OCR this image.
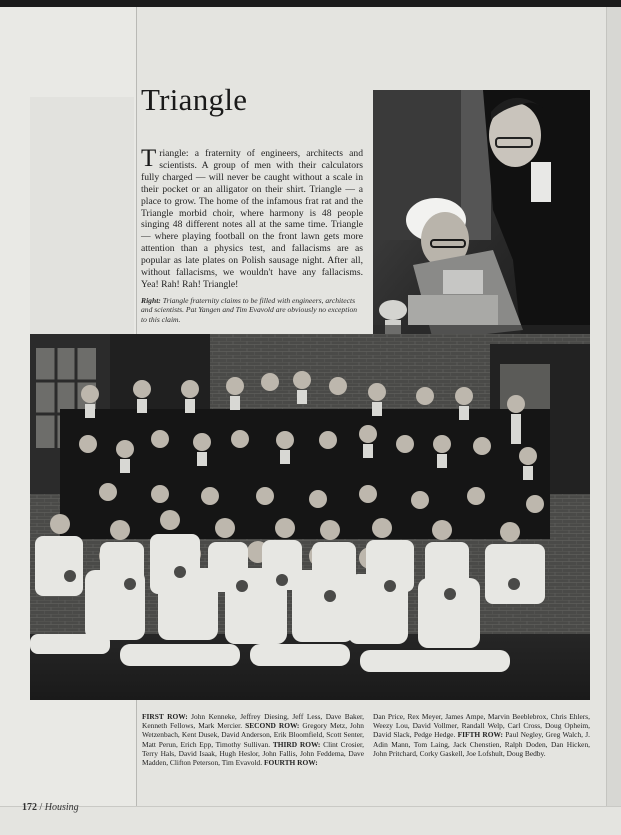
Triangle

Triangle: a fraternity of engineers, architects and scientists. A group of men with their calculators fully charged — will never be caught without a scale in their pocket or an alligator on their shirt. Triangle — a place to grow. The home of the infamous frat rat and the Triangle morbid choir, where harmony is 48 people singing 48 different notes all at the same time. Triangle — where playing football on the front lawn gets more attention than a physics test, and fallacisms are as popular as late plates on Polish sausage night. After all, without fallacisms, we wouldn't have any fallacisms. Yea! Rah! Rah! Triangle!

Right: Triangle fraternity claims to be filled with engineers, architects and scientists. Pat Yangen and Tim Evavold are obviously no exception to this claim.

FIRST ROW: John Kenneke, Jeffrey Diesing, Jeff Less, Dave Baker, Kenneth Fellows, Mark Mercier. SECOND ROW: Gregory Metz, John Wetzenbach, Kent Dusek, David Anderson, Erik Bloomfield, Scott Senter, Matt Perun, Erich Epp, Timothy Sullivan. THIRD ROW: Clint Crosier, Terry Hals, David Isaak, Hugh Heslor, John Fallis, John Feddema, Dave Madden, Clifton Peterson, Tim Evavold. FOURTH ROW:

Dan Price, Rex Meyer, James Ampe, Marvin Beeblebrox, Chris Ehlers, Weezy Lou, David Vollmer, Randall Welp, Carl Cross, Doug Opheim, David Slack, Pedge Hedge. FIFTH ROW: Paul Negley, Greg Walch, J. Adin Mann, Tom Laing, Jack Chenstien, Ralph Doden, Dan Hicken, John Pritchard, Corky Gaskell, Joe Lofshult, Doug Bedby.

172 / Housing
